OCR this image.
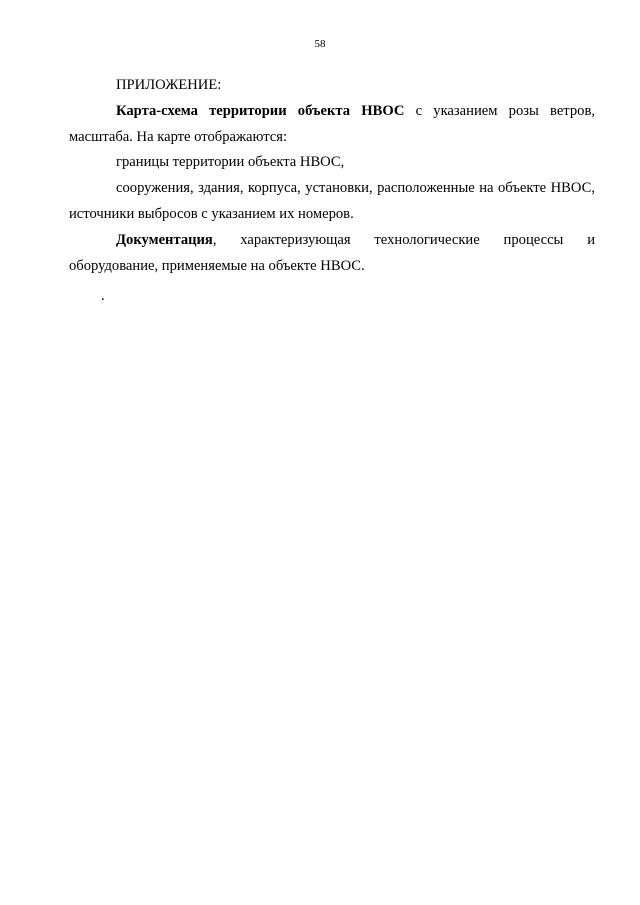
58

ПРИЛОЖЕНИЕ:

Карта-схема территории объекта НВОС с указанием розы ветров, масштаба. На карте отображаются:

границы территории объекта НВОС,

сооружения, здания, корпуса, установки, расположенные на объекте НВОС, источники выбросов с указанием их номеров.

Документация, характеризующая технологические процессы и оборудование, применяемые на объекте НВОС.

.
